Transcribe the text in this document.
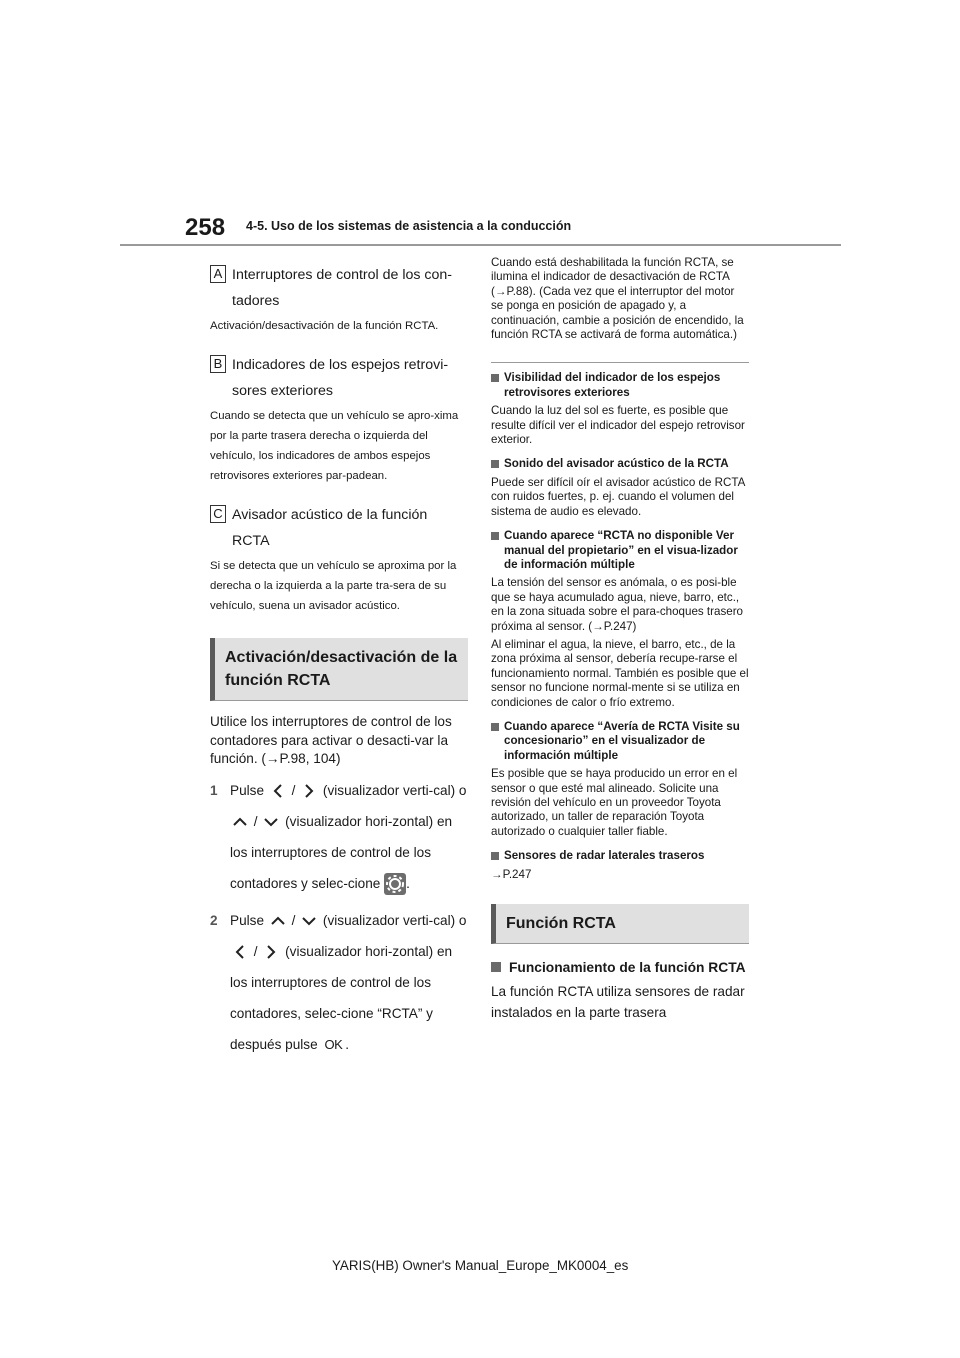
258 4-5. Uso de los sistemas de asistencia a la conducción
A Interruptores de control de los con-tadores
Activación/desactivación de la función RCTA.
B Indicadores de los espejos retrovi-sores exteriores
Cuando se detecta que un vehículo se apro-xima por la parte trasera derecha o izquierda del vehículo, los indicadores de ambos espejos retrovisores exteriores par-padean.
C Avisador acústico de la función RCTA
Si se detecta que un vehículo se aproxima por la derecha o la izquierda a la parte tra-sera de su vehículo, suena un avisador acústico.
Activación/desactivación de la función RCTA
Utilice los interruptores de control de los contadores para activar o desacti-var la función. (→P.98, 104)
1 Pulse / (visualizador verti-cal) o  / (visualizador hori-zontal) en los interruptores de control de los contadores y selec-cione .
2 Pulse / (visualizador verti-cal) o  / (visualizador hori-zontal) en los interruptores de control de los contadores, selec-cione “RCTA” y después pulse OK .
Cuando está deshabilitada la función RCTA, se ilumina el indicador de desactivación de RCTA (→P.88). (Cada vez que el interruptor del motor se ponga en posición de apagado y, a continuación, cambie a posición de encendido, la función RCTA se activará de forma automática.)
Visibilidad del indicador de los espejos retrovisores exteriores
Cuando la luz del sol es fuerte, es posible que resulte difícil ver el indicador del espejo retrovisor exterior.
Sonido del avisador acústico de la RCTA
Puede ser difícil oír el avisador acústico de RCTA con ruidos fuertes, p. ej. cuando el volumen del sistema de audio es elevado.
Cuando aparece “RCTA no disponible Ver manual del propietario” en el visua-lizador de información múltiple
La tensión del sensor es anómala, o es posi-ble que se haya acumulado agua, nieve, barro, etc., en la zona situada sobre el para-choques trasero próxima al sensor. (→P.247)
Al eliminar el agua, la nieve, el barro, etc., de la zona próxima al sensor, debería recupe-rarse el funcionamiento normal. También es posible que el sensor no funcione normal-mente si se utiliza en condiciones de calor o frío extremo.
Cuando aparece “Avería de RCTA Visite su concesionario” en el visualizador de información múltiple
Es posible que se haya producido un error en el sensor o que esté mal alineado. Solicite una revisión del vehículo en un proveedor Toyota autorizado, un taller de reparación Toyota autorizado o cualquier taller fiable.
Sensores de radar laterales traseros
→P.247
Función RCTA
Funcionamiento de la función RCTA
La función RCTA utiliza sensores de radar instalados en la parte trasera
YARIS(HB) Owner's Manual_Europe_MK0004_es
